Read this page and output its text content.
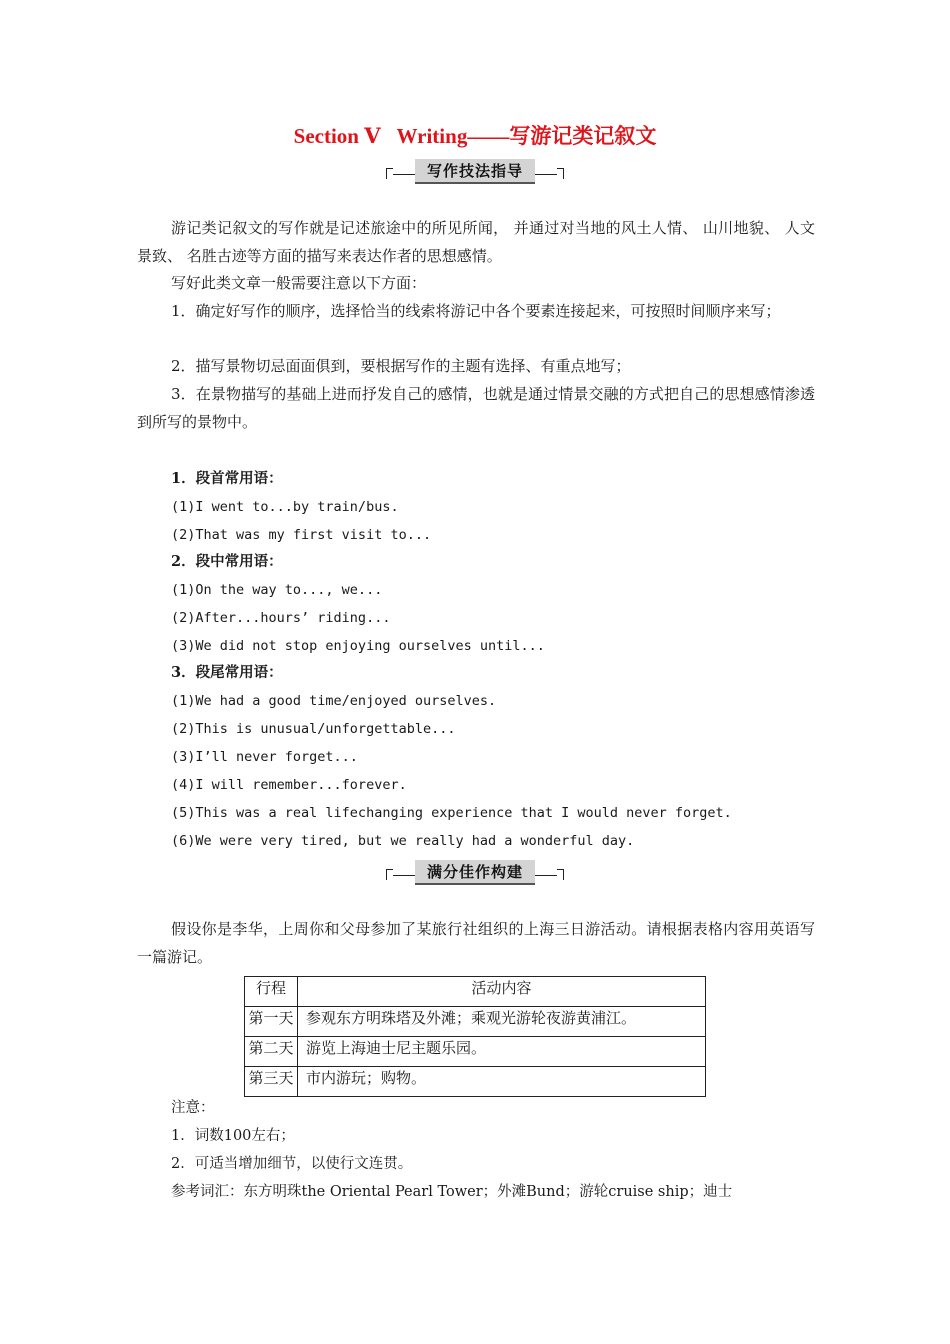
Section Ⅴ Writing——写游记类记叙文
写作技法指导
游记类记叙文的写作就是记述旅途中的所见所闻， 并通过对当地的风土人情、 山川地貌、 人文景致、 名胜古迹等方面的描写来表达作者的思想感情。
写好此类文章一般需要注意以下方面：
1．确定好写作的顺序，选择恰当的线索将游记中各个要素连接起来，可按照时间顺序来写；
2．描写景物切忌面面俱到，要根据写作的主题有选择、有重点地写；
3．在景物描写的基础上进而抒发自己的感情，也就是通过情景交融的方式把自己的思想感情渗透到所写的景物中。
1．段首常用语：
(1)I went to...by train/bus.
(2)That was my first visit to...
2．段中常用语：
(1)On the way to..., we...
(2)After...hours’ riding...
(3)We did not stop enjoying ourselves until...
3．段尾常用语：
(1)We had a good time/enjoyed ourselves.
(2)This is unusual/unforgettable...
(3)I’ll never forget...
(4)I will remember...forever.
(5)This was a real lifechanging experience that I would never forget.
(6)We were very tired, but we really had a wonderful day.
满分佳作构建
假设你是李华，上周你和父母参加了某旅行社组织的上海三日游活动。请根据表格内容用英语写一篇游记。
行程	活动内容
第一天	参观东方明珠塔及外滩；乘观光游轮夜游黄浦江。
第二天	游览上海迪士尼主题乐园。
第三天	市内游玩；购物。
注意：
1．词数100左右；
2．可适当增加细节，以使行文连贯。
参考词汇：东方明珠the Oriental Pearl Tower；外滩Bund；游轮cruise ship；迪士
